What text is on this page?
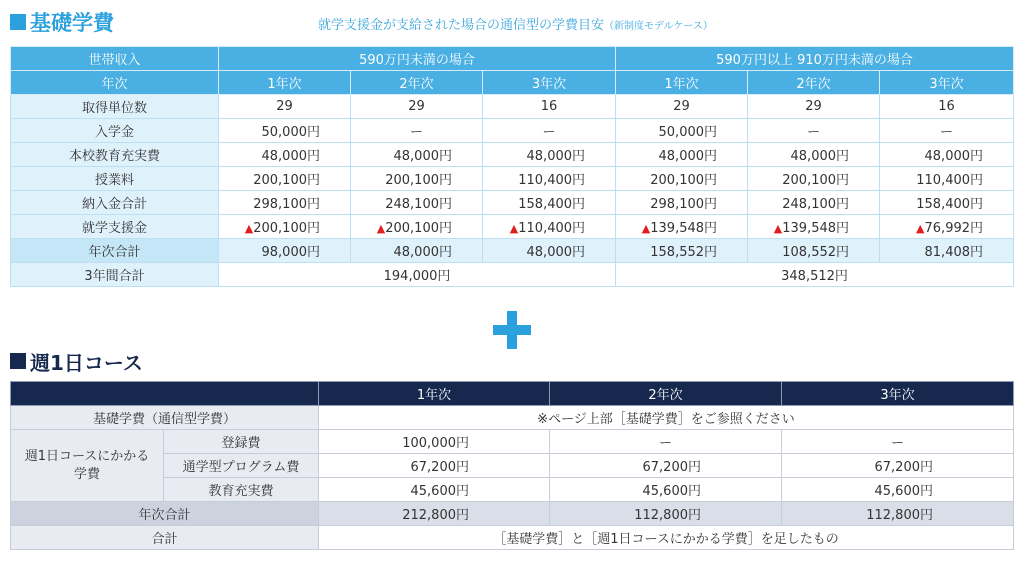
基礎学費	就学支援金が支給された場合の通信型の学費目安（新制度モデルケース）
世帯収入	590万円未満の場合			590万円以上 910万円未満の場合		
年次	1年次	2年次	3年次	1年次	2年次	3年次
取得単位数	29	29	16	29	29	16
入学金	50,000円	ー	ー	50,000円	ー	ー
本校教育充実費	48,000円	48,000円	48,000円	48,000円	48,000円	48,000円
授業料	200,100円	200,100円	110,400円	200,100円	200,100円	110,400円
納入金合計	298,100円	248,100円	158,400円	298,100円	248,100円	158,400円
就学支援金	▲200,100円	▲200,100円	▲110,400円	▲139,548円	▲139,548円	▲76,992円
年次合計	98,000円	48,000円	48,000円	158,552円	108,552円	81,408円
3年間合計	194,000円			348,512円		
週1日コース
		1年次	2年次	3年次
基礎学費（通信型学費）		※ページ上部［基礎学費］をご参照ください		
週1日コースにかかる学費	登録費	100,000円	ー	ー
	通学型プログラム費	67,200円	67,200円	67,200円
	教育充実費	45,600円	45,600円	45,600円
年次合計		212,800円	112,800円	112,800円
合計		［基礎学費］と［週1日コースにかかる学費］を足したもの		
